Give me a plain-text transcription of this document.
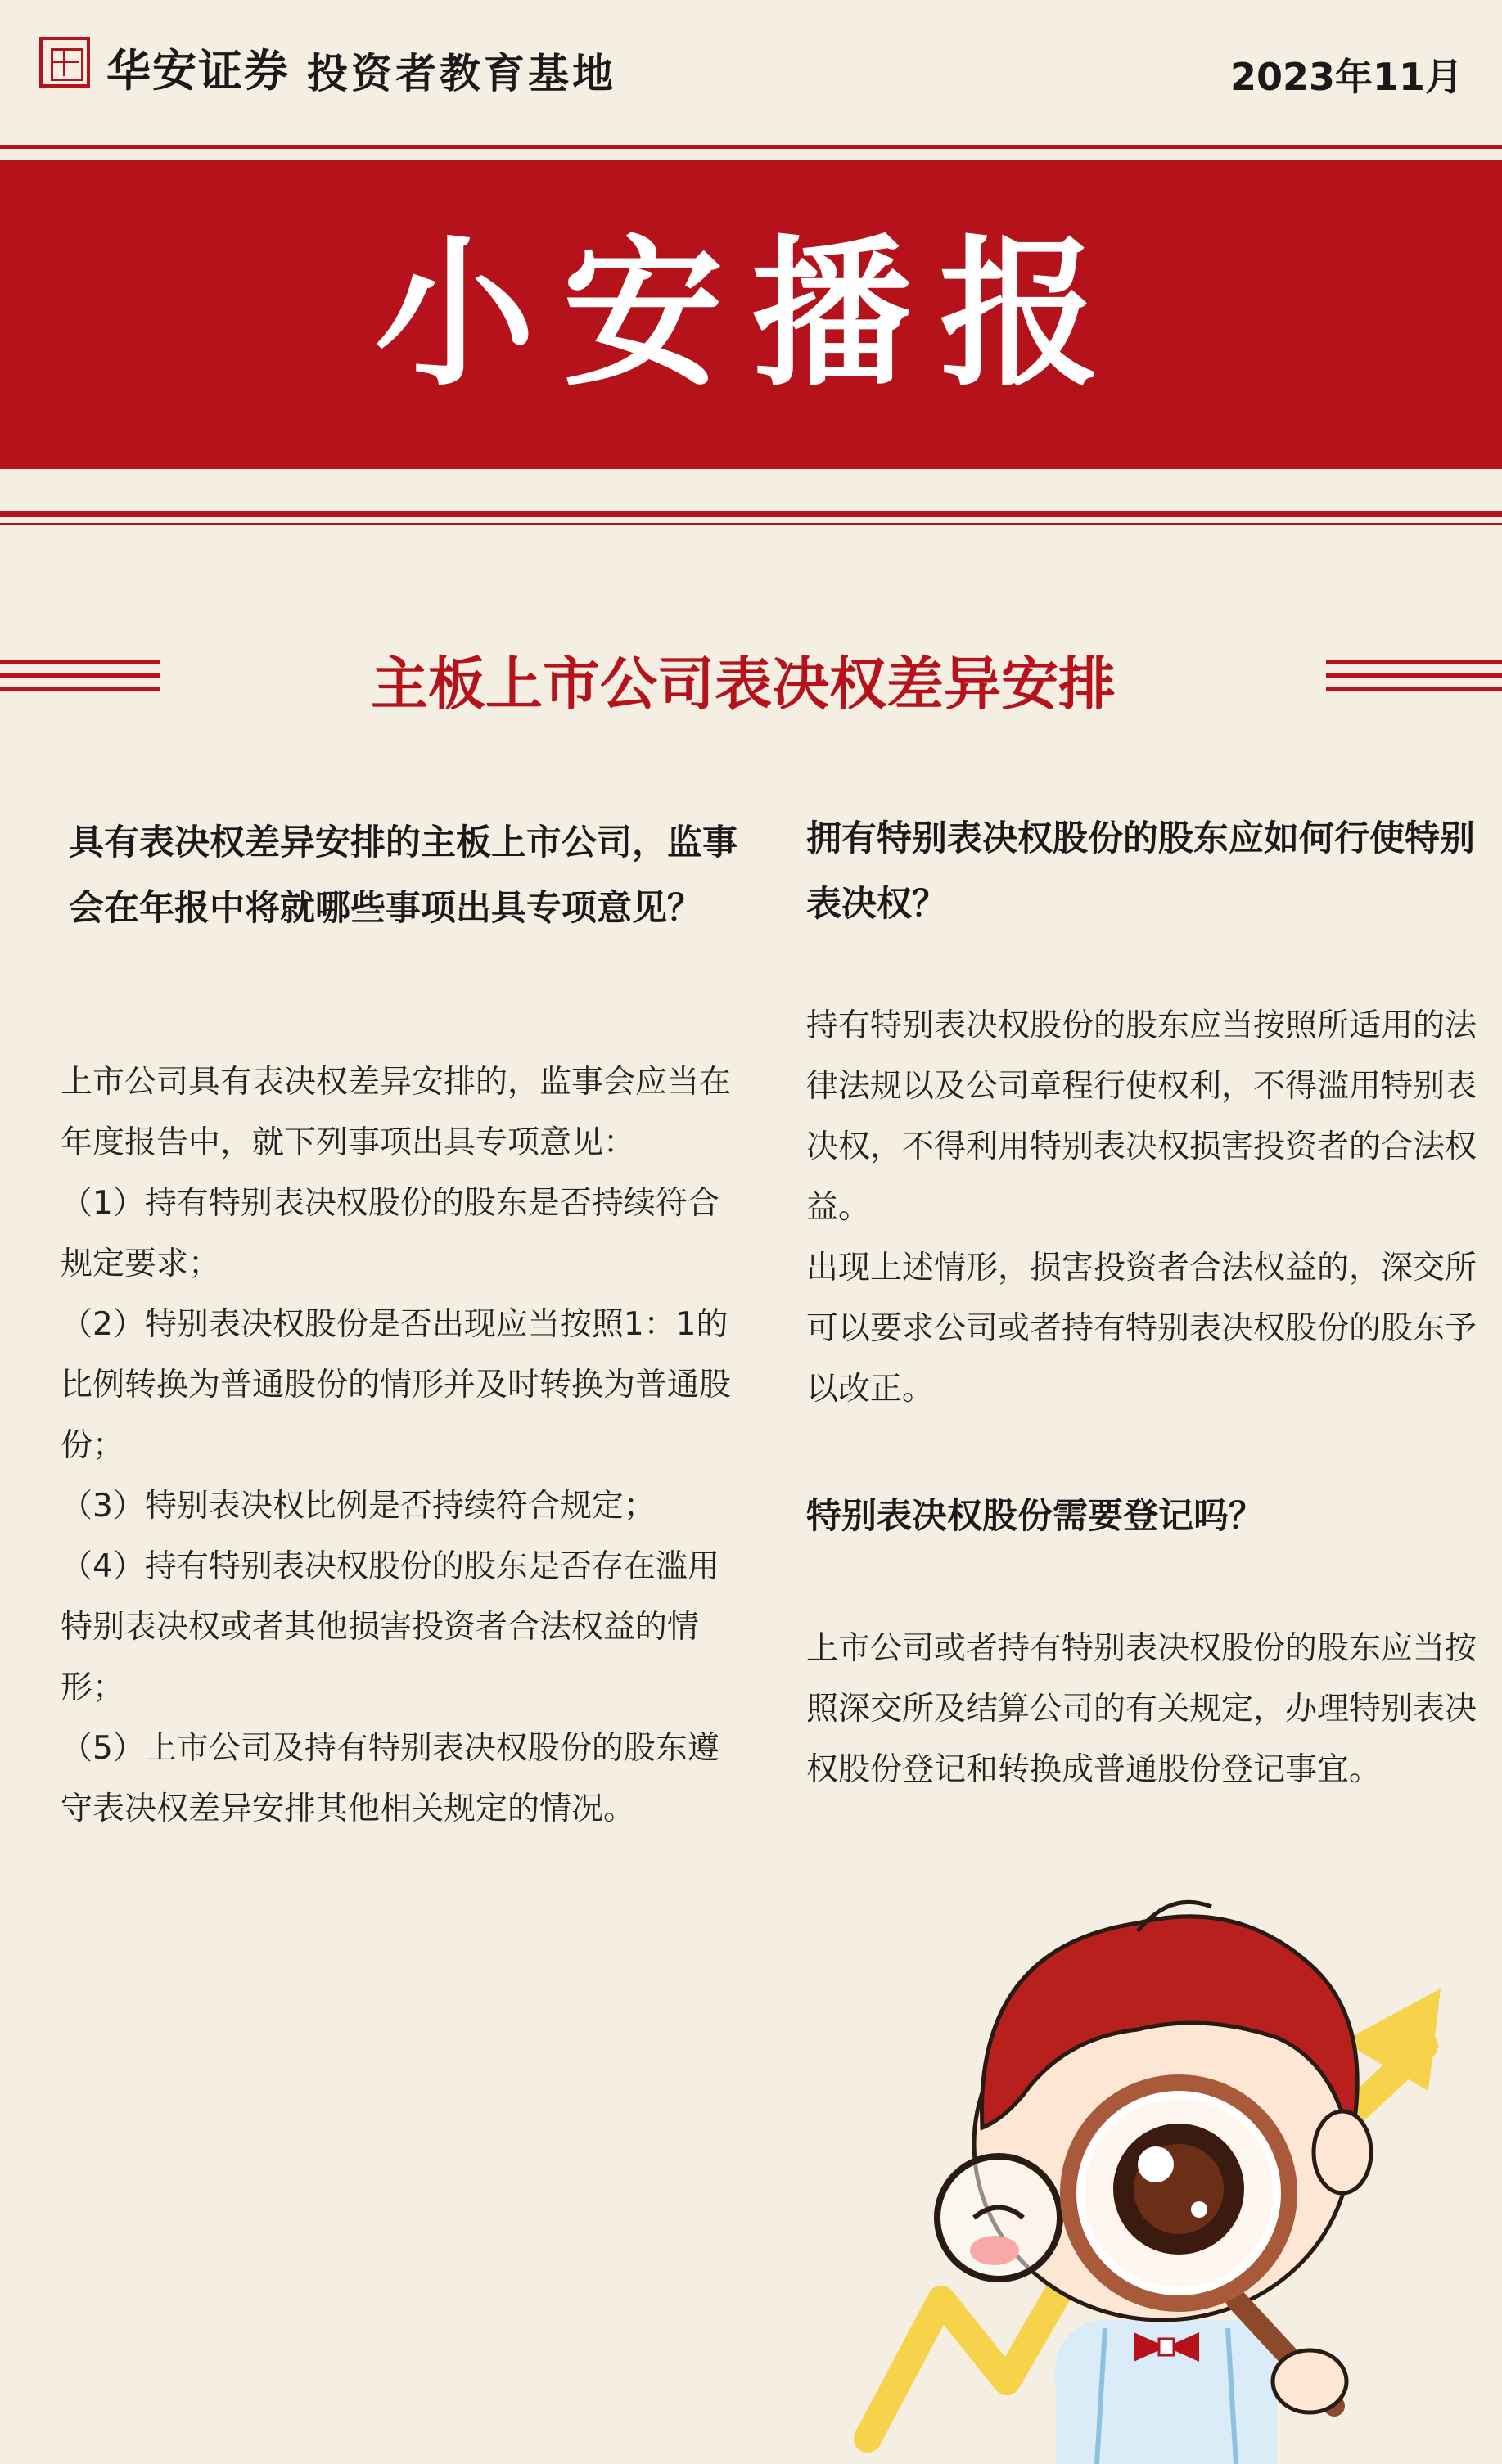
华安证券 投资者教育基地	2023年11月
小安播报
主板上市公司表决权差异安排
具有表决权差异安排的主板上市公司，监事会在年报中将就哪些事项出具专项意见？

上市公司具有表决权差异安排的，监事会应当在年度报告中，就下列事项出具专项意见：

（1）持有特别表决权股份的股东是否持续符合规定要求；

（2）特别表决权股份是否出现应当按照1：1的比例转换为普通股份的情形并及时转换为普通股份；

（3）特别表决权比例是否持续符合规定；

（4）持有特别表决权股份的股东是否存在滥用特别表决权或者其他损害投资者合法权益的情形；

（5）上市公司及持有特别表决权股份的股东遵守表决权差异安排其他相关规定的情况。

拥有特别表决权股份的股东应如何行使特别表决权？

持有特别表决权股份的股东应当按照所适用的法律法规以及公司章程行使权利，不得滥用特别表决权，不得利用特别表决权损害投资者的合法权益。

出现上述情形，损害投资者合法权益的，深交所可以要求公司或者持有特别表决权股份的股东予以改正。

特别表决权股份需要登记吗？

上市公司或者持有特别表决权股份的股东应当按照深交所及结算公司的有关规定，办理特别表决权股份登记和转换成普通股份登记事宜。
